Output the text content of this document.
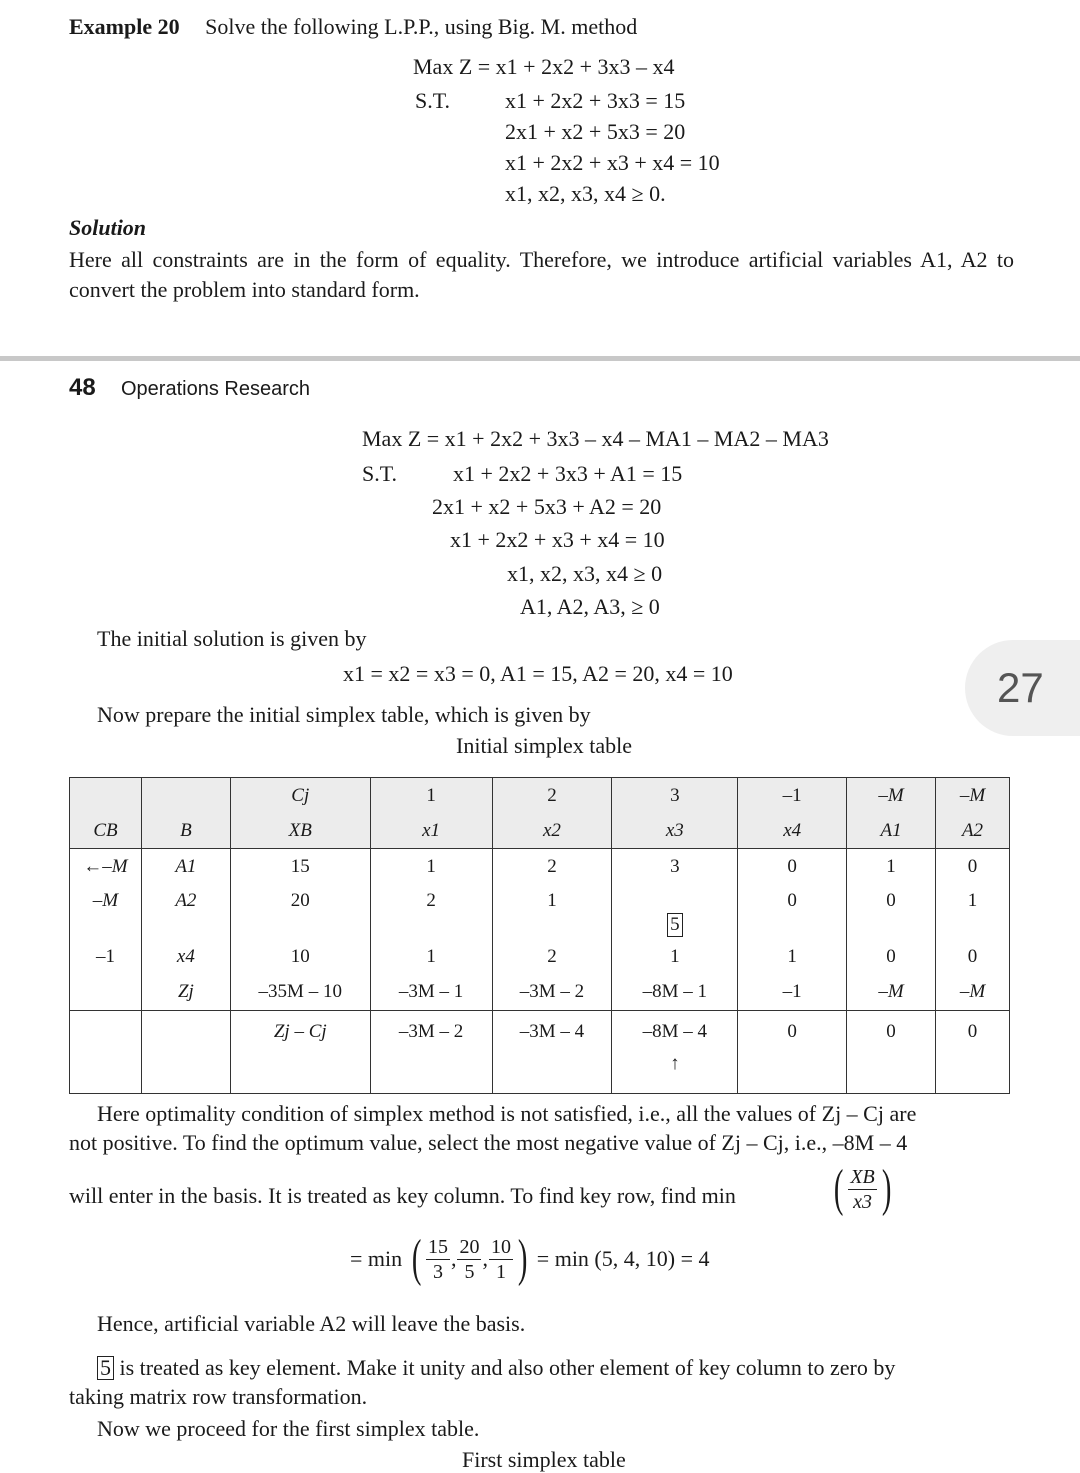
Example 20 Solve the following L.P.P., using Big. M. method
Max Z = x1 + 2x2 + 3x3 – x4
S.T. x1 + 2x2 + 3x3 = 15
2x1 + x2 + 5x3 = 20
x1 + 2x2 + x3 + x4 = 10
x1, x2, x3, x4 ≥ 0.
Solution
Here all constraints are in the form of equality. Therefore, we introduce artificial variables A1, A2 to convert the problem into standard form.
48 Operations Research
Max Z = x1 + 2x2 + 3x3 – x4 – MA1 – MA2 – MA3
S.T.	x1 + 2x2 + 3x3 + A1 = 15
2x1 + x2 + 5x3 + A2 = 20
x1 + 2x2 + x3 + x4 = 10
x1, x2, x3, x4 ≥ 0
A1, A2, A3, ≥ 0
The initial solution is given by
x1 = x2 = x3 = 0, A1 = 15, A2 = 20, x4 = 10
Now prepare the initial simplex table, which is given by
Initial simplex table
27
		Cj	1	2	3	–1	–M	–M
CB	B	XB	x1	x2	x3	x4	A1	A2
←–M	A1	15	1	2	3	0	1	0
–M	A2	20	2	1	5	0	0	1
–1	x4	10	1	2	1	1	0	0
	Zj	–35M – 10	–3M – 1	–3M – 2	–8M – 1	–1	–M	–M
		Zj – Cj	–3M – 2	–3M – 4	–8M – 4	0	0	0
					↑			
Here optimality condition of simplex method is not satisfied, i.e., all the values of Zj – Cj are
not positive. To find the optimum value, select the most negative value of Zj – Cj, i.e., –8M – 4
will enter in the basis. It is treated as key column. To find key row, find min ( $\frac{XB}{x3}$ )
= min ( $\frac{15}{3}$ , $\frac{20}{5}$ , $\frac{10}{1}$ ) = min (5, 4, 10) = 4
Hence, artificial variable A2 will leave the basis.
5 is treated as key element. Make it unity and also other element of key column to zero by
taking matrix row transformation.
Now we proceed for the first simplex table.
First simplex table
